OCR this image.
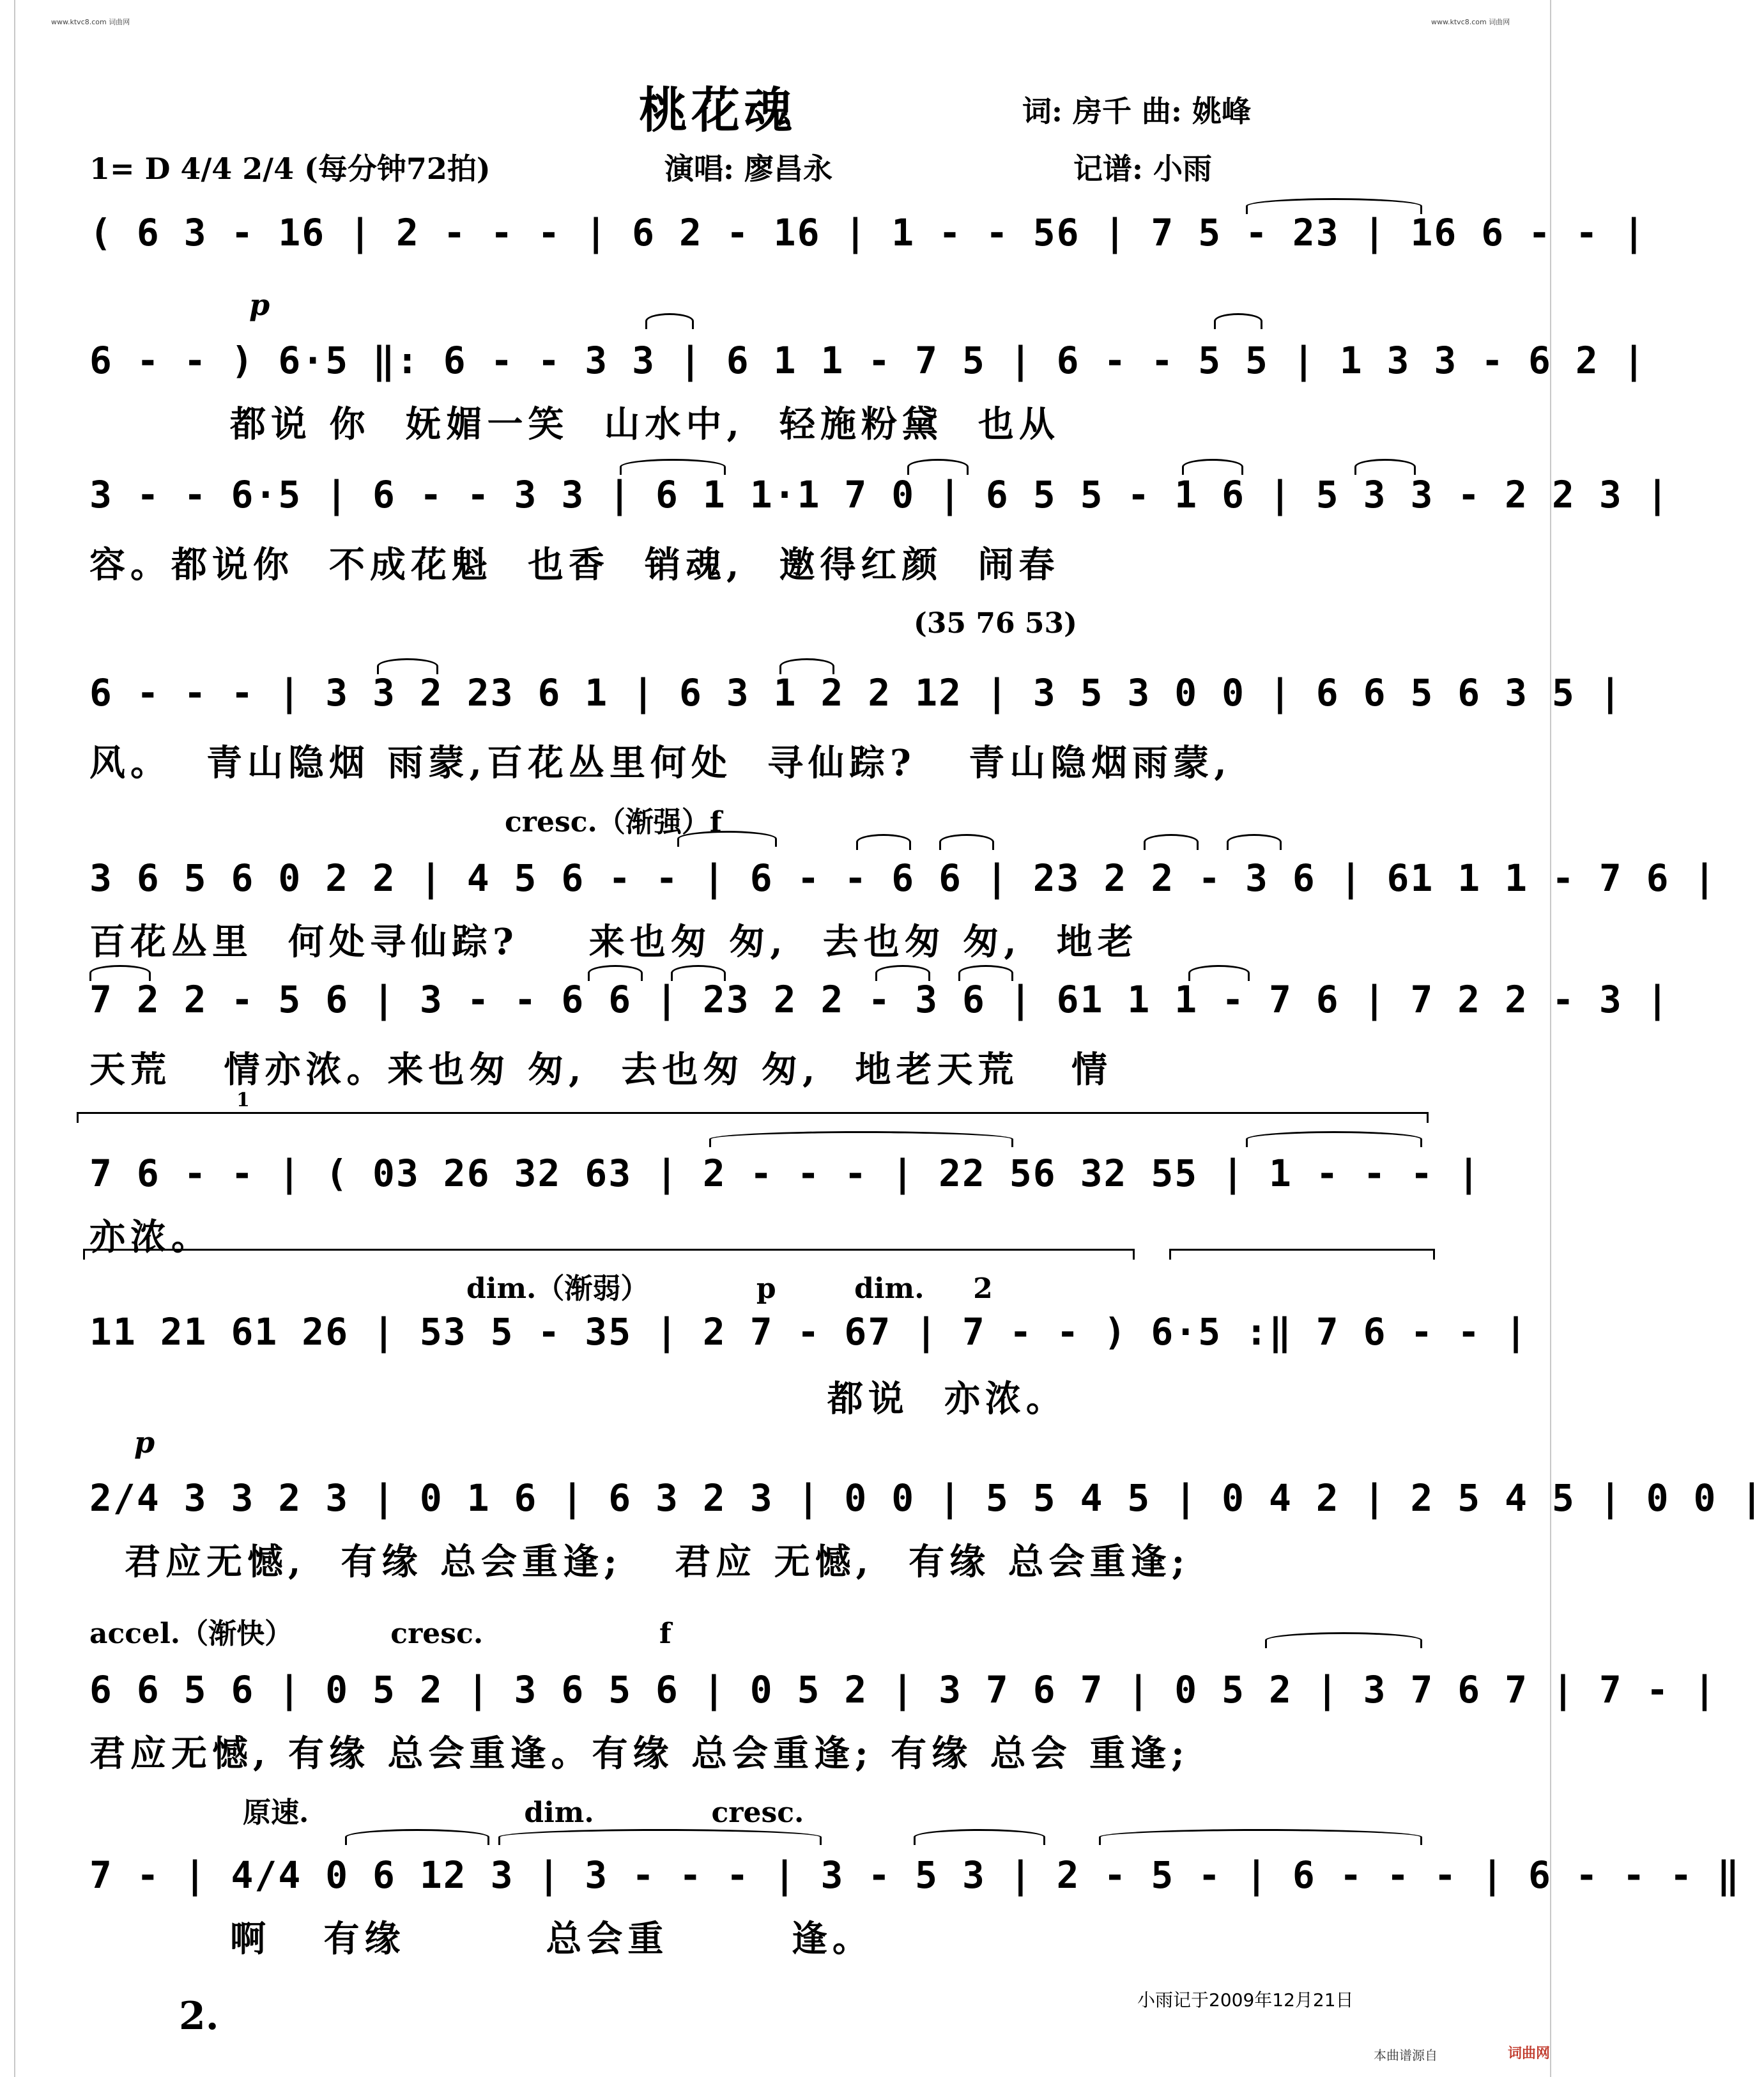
www.ktvc8.com 词曲网	www.ktvc8.com 词曲网
桃花魂	词: 房千 曲: 姚峰
1= D 4/4 2/4 (每分钟72拍)	演唱: 廖昌永	记谱: 小雨
( 6 3 - 16 | 2 - - - | 6 2 - 16 | 1 - - 56 | 7 5 - 23 | 16 6 - - |
p
6 - - ) 6·5 ‖: 6 - - 3 3 | 6 1 1 - 7 5 | 6 - - 5 5 | 1 3 3 - 6 2 |
都说 你  妩媚一笑  山水中,  轻施粉黛  也从
3 - - 6·5 | 6 - - 3 3 | 6 1 1·1 7 0 | 6 5 5 - 1 6 | 5 3 3 - 2 2 3 |
容。都说你  不成花魁  也香  销魂,  邀得红颜  闹春
(35 76 53)
6 - - - | 3 3 2 23 6 1 | 6 3 1 2 2 12 | 3 5 3 0 0 | 6 6 5 6 3 5 |
风。  青山隐烟 雨蒙,百花丛里何处  寻仙踪?   青山隐烟雨蒙,
cresc.（渐强）f
3 6 5 6 0 2 2 | 4 5 6 - - | 6 - - 6 6 | 23 2 2 - 3 6 | 61 1 1 - 7 6 |
百花丛里  何处寻仙踪?    来也匆 匆,  去也匆 匆,  地老
7 2 2 - 5 6 | 3 - - 6 6 | 23 2 2 - 3 6 | 61 1 1 - 7 6 | 7 2 2 - 3 |
天荒   情亦浓。来也匆 匆,  去也匆 匆,  地老天荒   情
1
7 6 - - | ( 03 26 32 63 | 2 - - - | 22 56 32 55 | 1 - - - |
亦浓。
dim.（渐弱）           p        dim.     2
11 21 61 26 | 53 5 - 35 | 2 7 - 67 | 7 - - ) 6·5 :‖ 7 6 - - |
都说  亦浓。
p
2/4 3 3 2 3 | 0 1 6 | 6 3 2 3 | 0 0 | 5 5 4 5 | 0 4 2 | 2 5 4 5 | 0 0 |
君应无憾,  有缘 总会重逢;   君应 无憾,  有缘 总会重逢;
accel.（渐快）          cresc.                  f
6 6 5 6 | 0 5 2 | 3 6 5 6 | 0 5 2 | 3 7 6 7 | 0 5 2 | 3 7 6 7 | 7 - |
君应无憾, 有缘 总会重逢。有缘 总会重逢; 有缘 总会 重逢;
原速.                      dim.            cresc.
7 - | 4/4 0 6 12 3 | 3 - - - | 3 - 5 3 | 2 - 5 - | 6 - - - | 6 - - - ‖
啊   有缘        总会重       逢。
2.	小雨记于2009年12月21日
本曲谱源自	词曲网
